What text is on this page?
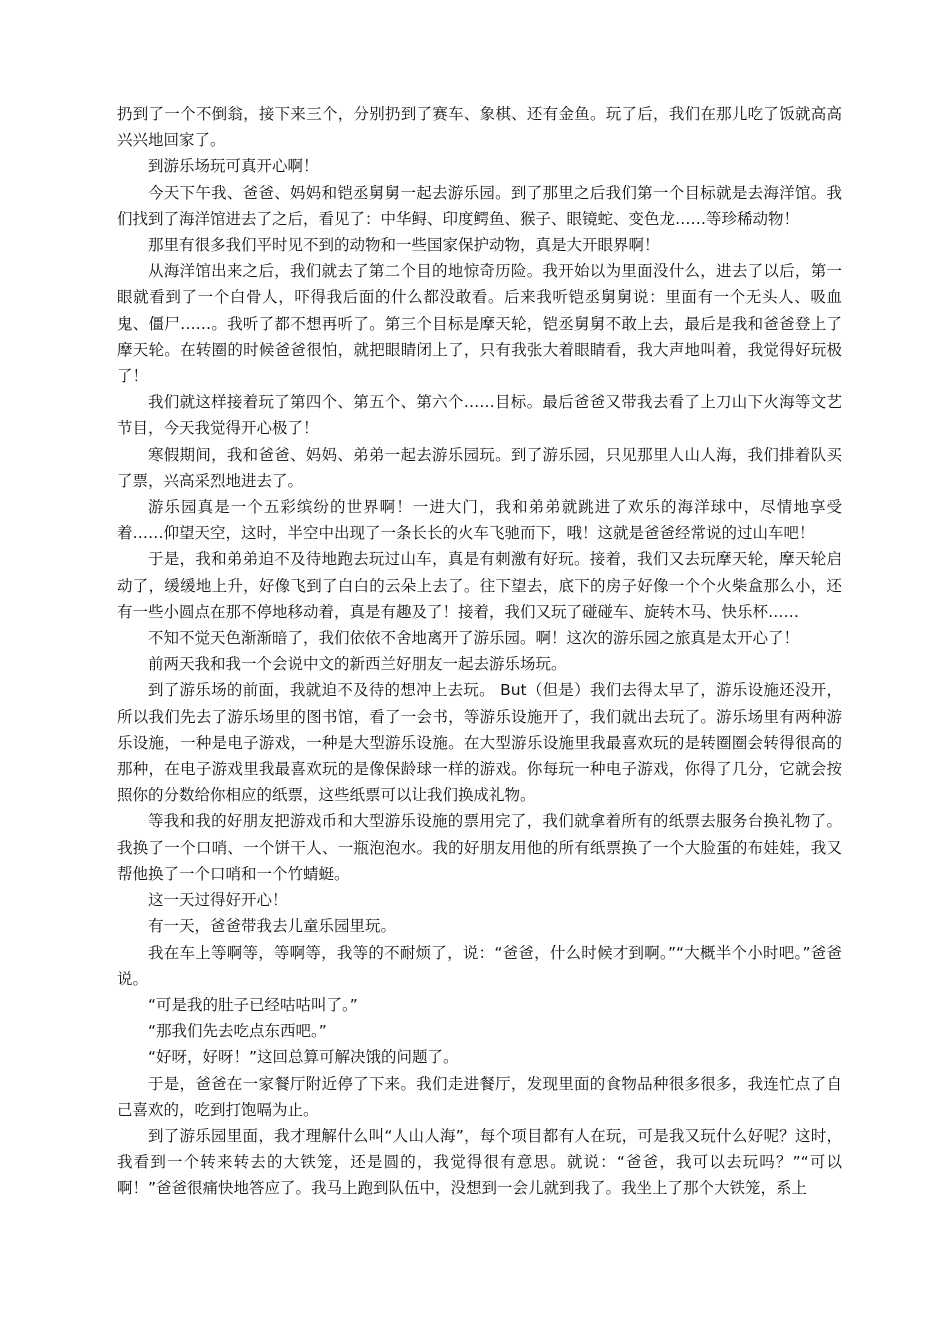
扔到了一个不倒翁，接下来三个，分别扔到了赛车、象棋、还有金鱼。玩了后，我们在那儿吃了饭就高高兴兴地回家了。

到游乐场玩可真开心啊！

今天下午我、爸爸、妈妈和铠丞舅舅一起去游乐园。到了那里之后我们第一个目标就是去海洋馆。我们找到了海洋馆进去了之后，看见了：中华鲟、印度鳄鱼、猴子、眼镜蛇、变色龙……等珍稀动物！

那里有很多我们平时见不到的动物和一些国家保护动物，真是大开眼界啊！

从海洋馆出来之后，我们就去了第二个目的地惊奇历险。我开始以为里面没什么，进去了以后，第一眼就看到了一个白骨人，吓得我后面的什么都没敢看。后来我听铠丞舅舅说：里面有一个无头人、吸血鬼、僵尸……。我听了都不想再听了。第三个目标是摩天轮，铠丞舅舅不敢上去，最后是我和爸爸登上了摩天轮。在转圈的时候爸爸很怕，就把眼睛闭上了，只有我张大着眼睛看，我大声地叫着，我觉得好玩极了！

我们就这样接着玩了第四个、第五个、第六个……目标。最后爸爸又带我去看了上刀山下火海等文艺节目，今天我觉得开心极了！

寒假期间，我和爸爸、妈妈、弟弟一起去游乐园玩。到了游乐园，只见那里人山人海，我们排着队买了票，兴高采烈地进去了。

游乐园真是一个五彩缤纷的世界啊！一进大门，我和弟弟就跳进了欢乐的海洋球中，尽情地享受着……仰望天空，这时，半空中出现了一条长长的火车飞驰而下，哦！这就是爸爸经常说的过山车吧！

于是，我和弟弟迫不及待地跑去玩过山车，真是有刺激有好玩。接着，我们又去玩摩天轮，摩天轮启动了，缓缓地上升，好像飞到了白白的云朵上去了。往下望去，底下的房子好像一个个火柴盒那么小，还有一些小圆点在那不停地移动着，真是有趣及了！接着，我们又玩了碰碰车、旋转木马、快乐杯……

不知不觉天色渐渐暗了，我们依依不舍地离开了游乐园。啊！这次的游乐园之旅真是太开心了！

前两天我和我一个会说中文的新西兰好朋友一起去游乐场玩。

到了游乐场的前面，我就迫不及待的想冲上去玩。 But（但是）我们去得太早了，游乐设施还没开，所以我们先去了游乐场里的图书馆，看了一会书，等游乐设施开了，我们就出去玩了。游乐场里有两种游乐设施，一种是电子游戏，一种是大型游乐设施。在大型游乐设施里我最喜欢玩的是转圈圈会转得很高的那种，在电子游戏里我最喜欢玩的是像保龄球一样的游戏。你每玩一种电子游戏，你得了几分，它就会按照你的分数给你相应的纸票，这些纸票可以让我们换成礼物。

等我和我的好朋友把游戏币和大型游乐设施的票用完了，我们就拿着所有的纸票去服务台换礼物了。我换了一个口哨、一个饼干人、一瓶泡泡水。我的好朋友用他的所有纸票换了一个大脸蛋的布娃娃，我又帮他换了一个口哨和一个竹蜻蜓。

这一天过得好开心！

有一天，爸爸带我去儿童乐园里玩。

我在车上等啊等，等啊等，我等的不耐烦了，说：“爸爸，什么时候才到啊。”“大概半个小时吧。”爸爸说。

“可是我的肚子已经咕咕叫了。”

“那我们先去吃点东西吧。”

“好呀，好呀！”这回总算可解决饿的问题了。

于是，爸爸在一家餐厅附近停了下来。我们走进餐厅，发现里面的食物品种很多很多，我连忙点了自己喜欢的，吃到打饱嗝为止。

到了游乐园里面，我才理解什么叫“人山人海”，每个项目都有人在玩，可是我又玩什么好呢？这时，我看到一个转来转去的大铁笼，还是圆的，我觉得很有意思。就说：“爸爸，我可以去玩吗？”“可以啊！”爸爸很痛快地答应了。我马上跑到队伍中，没想到一会儿就到我了。我坐上了那个大铁笼，系上
